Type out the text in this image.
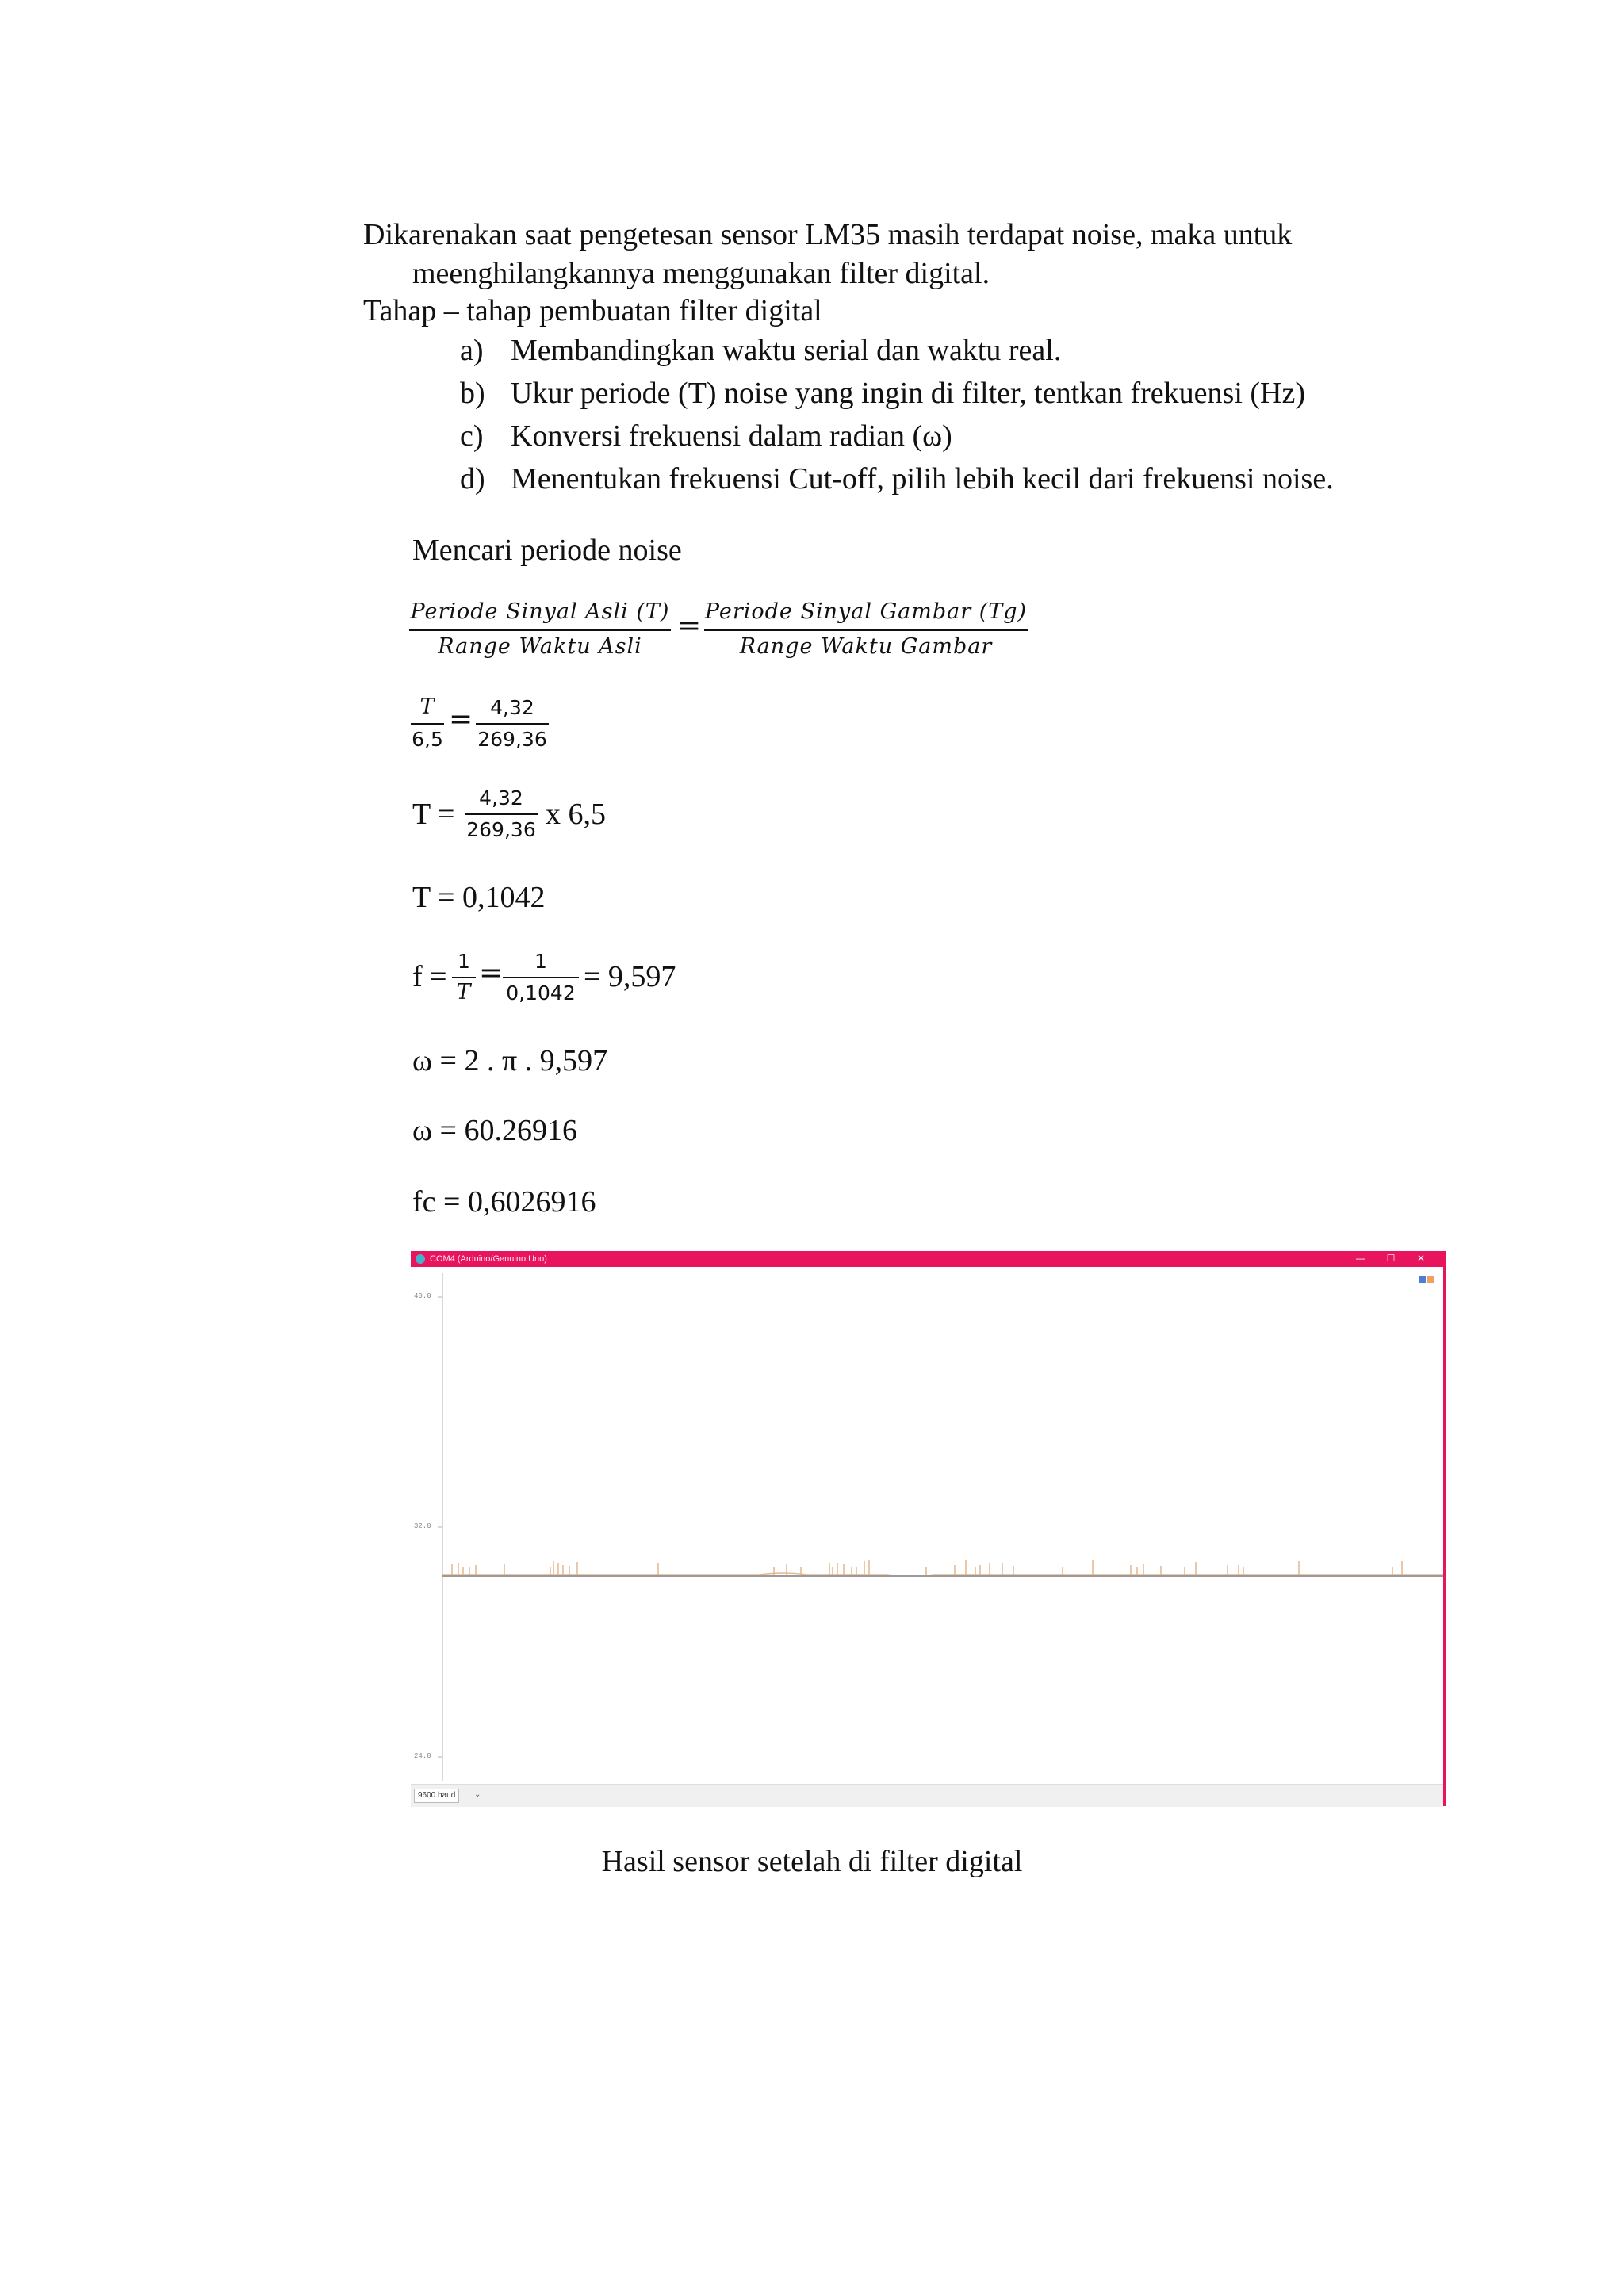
Dikarenakan saat pengetesan sensor LM35 masih terdapat noise, maka untuk
meenghilangkannya menggunakan filter digital.
Tahap – tahap pembuatan filter digital
a) Membandingkan waktu serial dan waktu real.
b) Ukur periode (T) noise yang ingin di filter, tentkan frekuensi (Hz)
c) Konversi frekuensi dalam radian (ω)
d) Menentukan frekuensi Cut-off, pilih lebih kecil dari frekuensi noise.
Mencari periode noise
Periode Sinyal Asli (T)
Range Waktu Asli
= Periode Sinyal Gambar (Tg)
Range Waktu Gambar
T
6,5
= 4,32
269,36
T =	4,32
269,36 x 6,5
T = 0,1042
f = 1
T
=	1
0,1042 = 9,597
ω = 2 . π . 9,597
ω = 60.26916
fc = 0,6026916
COM4 (Arduino/Genuino Uno)	—	☐	✕
40.0
32.0
24.0
9600 baud	⌄
Hasil sensor setelah di filter digital
